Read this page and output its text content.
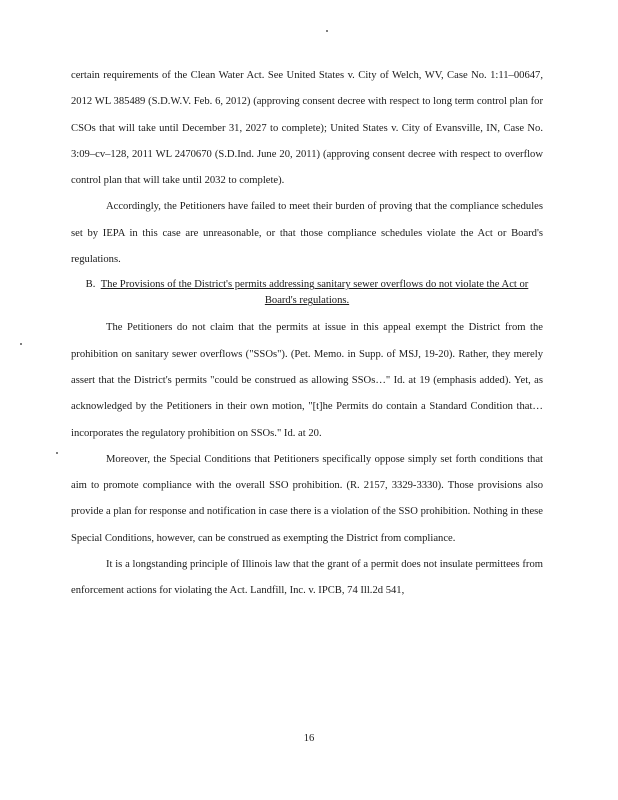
certain requirements of the Clean Water Act. See United States v. City of Welch, WV, Case No. 1:11–00647, 2012 WL 385489 (S.D.W.V. Feb. 6, 2012) (approving consent decree with respect to long term control plan for CSOs that will take until December 31, 2027 to complete); United States v. City of Evansville, IN, Case No. 3:09–cv–128, 2011 WL 2470670 (S.D.Ind. June 20, 2011) (approving consent decree with respect to overflow control plan that will take until 2032 to complete).

Accordingly, the Petitioners have failed to meet their burden of proving that the compliance schedules set by IEPA in this case are unreasonable, or that those compliance schedules violate the Act or Board's regulations.

B. The Provisions of the District's permits addressing sanitary sewer overflows do not violate the Act or Board's regulations.

The Petitioners do not claim that the permits at issue in this appeal exempt the District from the prohibition on sanitary sewer overflows ("SSOs"). (Pet. Memo. in Supp. of MSJ, 19-20). Rather, they merely assert that the District's permits "could be construed as allowing SSOs…" Id. at 19 (emphasis added). Yet, as acknowledged by the Petitioners in their own motion, "[t]he Permits do contain a Standard Condition that…incorporates the regulatory prohibition on SSOs." Id. at 20.

Moreover, the Special Conditions that Petitioners specifically oppose simply set forth conditions that aim to promote compliance with the overall SSO prohibition. (R. 2157, 3329-3330). Those provisions also provide a plan for response and notification in case there is a violation of the SSO prohibition. Nothing in these Special Conditions, however, can be construed as exempting the District from compliance.

It is a longstanding principle of Illinois law that the grant of a permit does not insulate permittees from enforcement actions for violating the Act. Landfill, Inc. v. IPCB, 74 Ill.2d 541,

16
